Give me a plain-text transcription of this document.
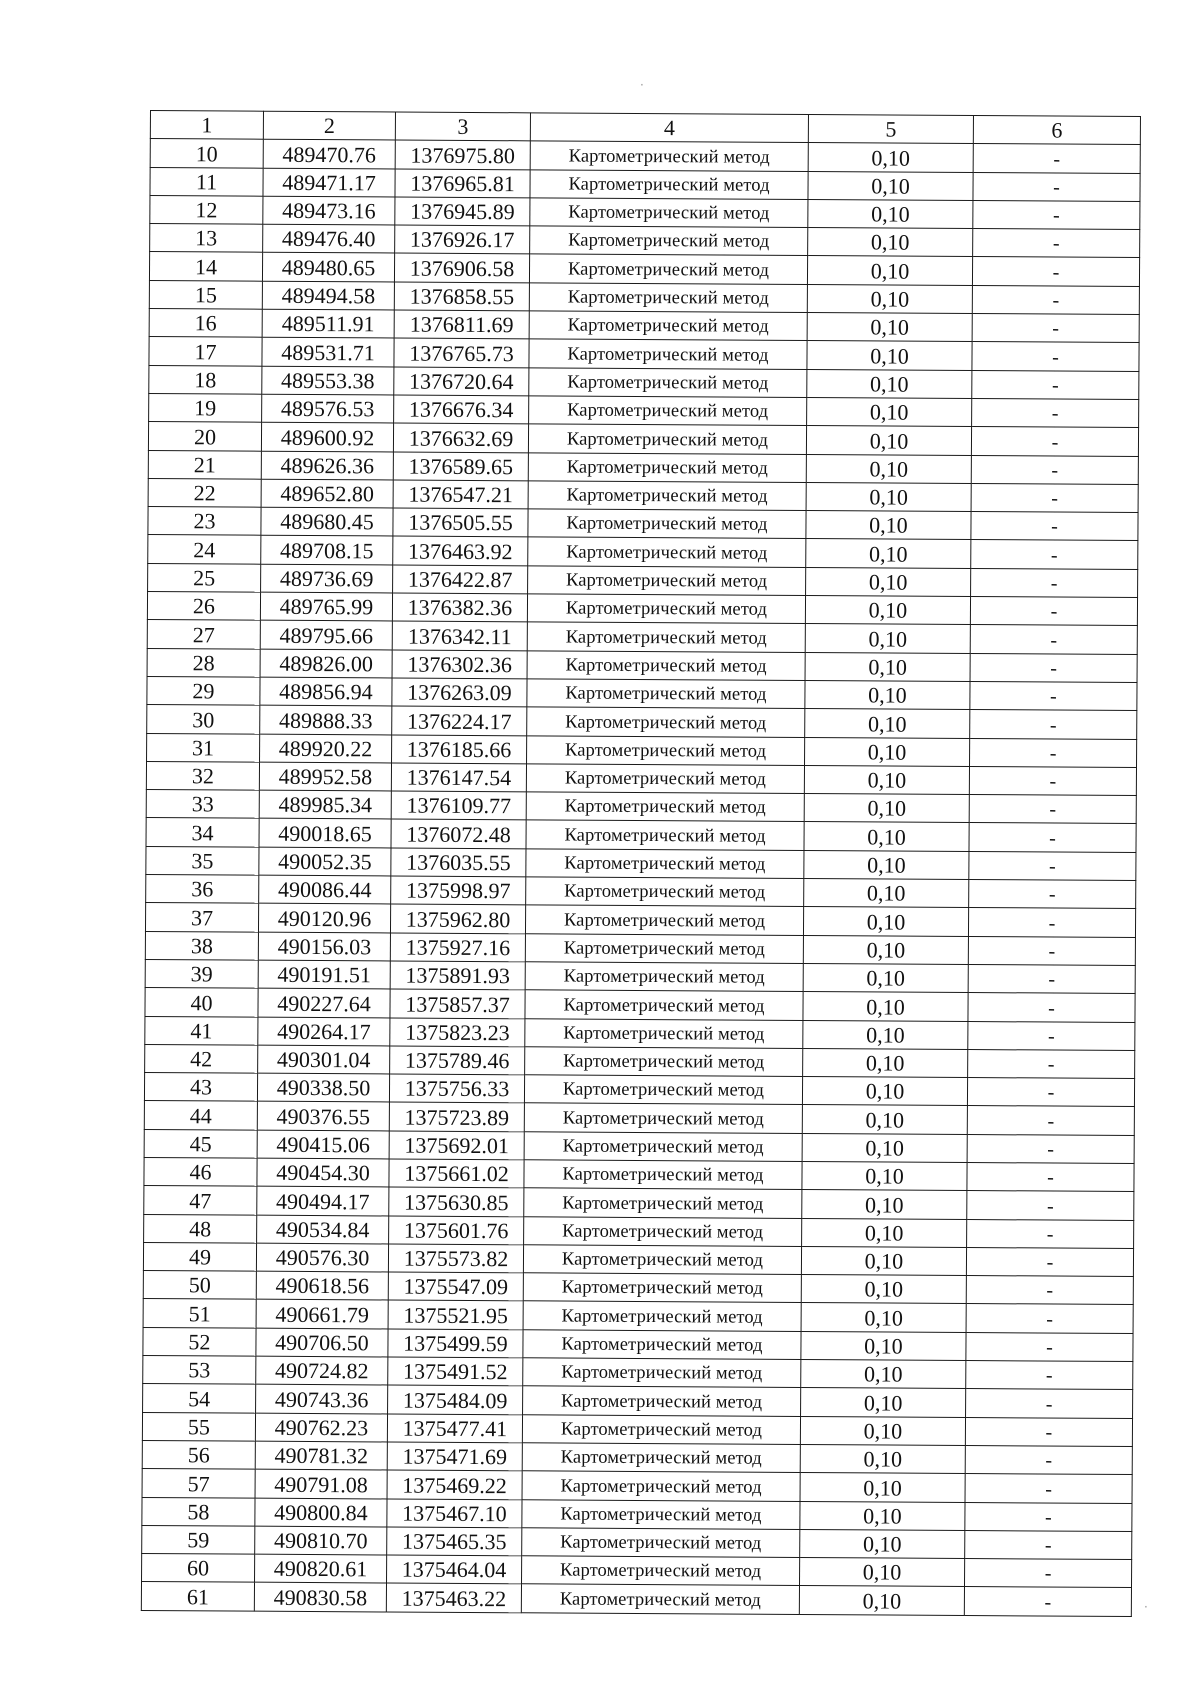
·
·
1	2	3	4	5	6
10	489470.76	1376975.80	Картометрический метод	0,10	-
11	489471.17	1376965.81	Картометрический метод	0,10	-
12	489473.16	1376945.89	Картометрический метод	0,10	-
13	489476.40	1376926.17	Картометрический метод	0,10	-
14	489480.65	1376906.58	Картометрический метод	0,10	-
15	489494.58	1376858.55	Картометрический метод	0,10	-
16	489511.91	1376811.69	Картометрический метод	0,10	-
17	489531.71	1376765.73	Картометрический метод	0,10	-
18	489553.38	1376720.64	Картометрический метод	0,10	-
19	489576.53	1376676.34	Картометрический метод	0,10	-
20	489600.92	1376632.69	Картометрический метод	0,10	-
21	489626.36	1376589.65	Картометрический метод	0,10	-
22	489652.80	1376547.21	Картометрический метод	0,10	-
23	489680.45	1376505.55	Картометрический метод	0,10	-
24	489708.15	1376463.92	Картометрический метод	0,10	-
25	489736.69	1376422.87	Картометрический метод	0,10	-
26	489765.99	1376382.36	Картометрический метод	0,10	-
27	489795.66	1376342.11	Картометрический метод	0,10	-
28	489826.00	1376302.36	Картометрический метод	0,10	-
29	489856.94	1376263.09	Картометрический метод	0,10	-
30	489888.33	1376224.17	Картометрический метод	0,10	-
31	489920.22	1376185.66	Картометрический метод	0,10	-
32	489952.58	1376147.54	Картометрический метод	0,10	-
33	489985.34	1376109.77	Картометрический метод	0,10	-
34	490018.65	1376072.48	Картометрический метод	0,10	-
35	490052.35	1376035.55	Картометрический метод	0,10	-
36	490086.44	1375998.97	Картометрический метод	0,10	-
37	490120.96	1375962.80	Картометрический метод	0,10	-
38	490156.03	1375927.16	Картометрический метод	0,10	-
39	490191.51	1375891.93	Картометрический метод	0,10	-
40	490227.64	1375857.37	Картометрический метод	0,10	-
41	490264.17	1375823.23	Картометрический метод	0,10	-
42	490301.04	1375789.46	Картометрический метод	0,10	-
43	490338.50	1375756.33	Картометрический метод	0,10	-
44	490376.55	1375723.89	Картометрический метод	0,10	-
45	490415.06	1375692.01	Картометрический метод	0,10	-
46	490454.30	1375661.02	Картометрический метод	0,10	-
47	490494.17	1375630.85	Картометрический метод	0,10	-
48	490534.84	1375601.76	Картометрический метод	0,10	-
49	490576.30	1375573.82	Картометрический метод	0,10	-
50	490618.56	1375547.09	Картометрический метод	0,10	-
51	490661.79	1375521.95	Картометрический метод	0,10	-
52	490706.50	1375499.59	Картометрический метод	0,10	-
53	490724.82	1375491.52	Картометрический метод	0,10	-
54	490743.36	1375484.09	Картометрический метод	0,10	-
55	490762.23	1375477.41	Картометрический метод	0,10	-
56	490781.32	1375471.69	Картометрический метод	0,10	-
57	490791.08	1375469.22	Картометрический метод	0,10	-
58	490800.84	1375467.10	Картометрический метод	0,10	-
59	490810.70	1375465.35	Картометрический метод	0,10	-
60	490820.61	1375464.04	Картометрический метод	0,10	-
61	490830.58	1375463.22	Картометрический метод	0,10	-
